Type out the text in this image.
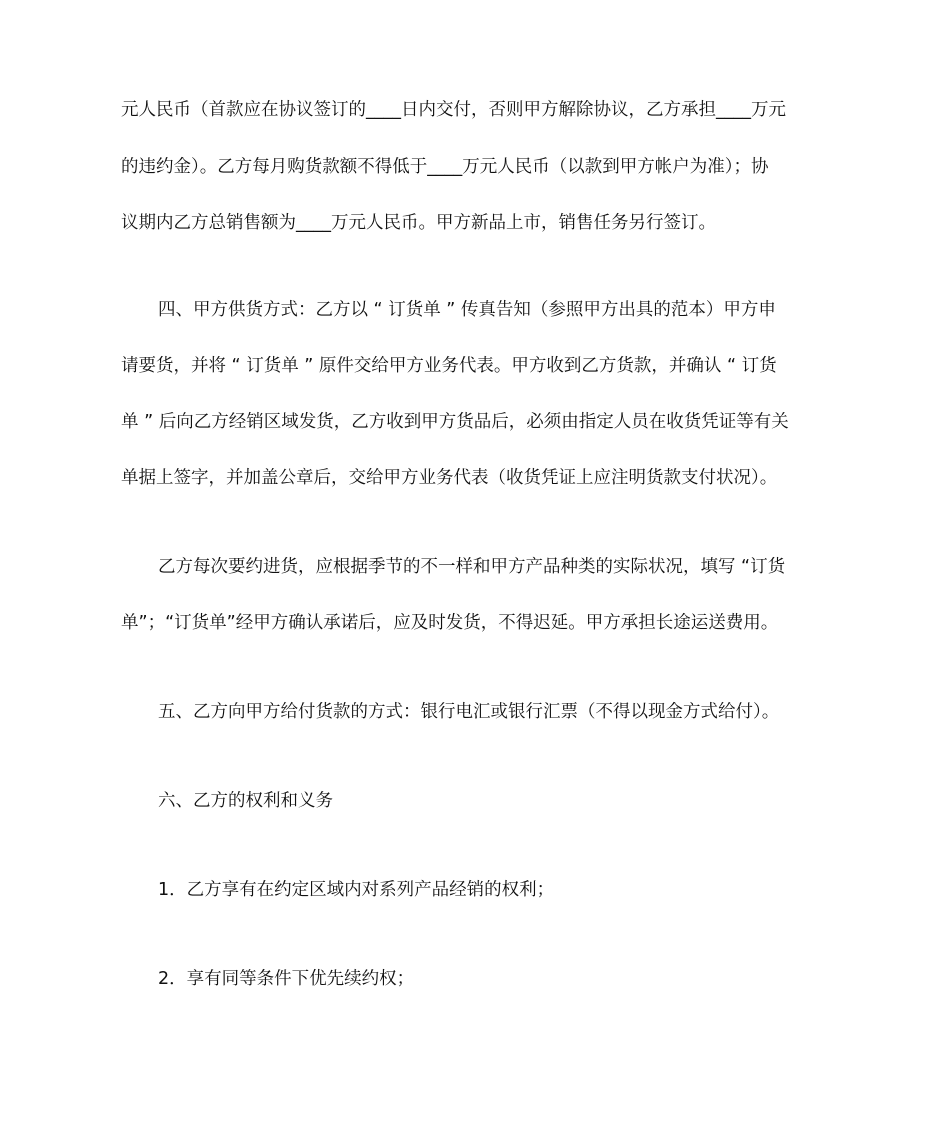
元人民币（首款应在协议签订的____日内交付，否则甲方解除协议，乙方承担____万元
的违约金）。乙方每月购货款额不得低于____万元人民币（以款到甲方帐户为准）；协
议期内乙方总销售额为____万元人民币。甲方新品上市，销售任务另行签订。
四、甲方供货方式：乙方以 “ 订货单 ” 传真告知（参照甲方出具的范本）甲方申
请要货，并将 “ 订货单 ” 原件交给甲方业务代表。甲方收到乙方货款，并确认 “ 订货
单 ” 后向乙方经销区域发货，乙方收到甲方货品后，必须由指定人员在收货凭证等有关
单据上签字，并加盖公章后，交给甲方业务代表（收货凭证上应注明货款支付状况）。
乙方每次要约进货，应根据季节的不一样和甲方产品种类的实际状况，填写 “订货
单”；“订货单”经甲方确认承诺后，应及时发货，不得迟延。甲方承担长途运送费用。
五、乙方向甲方给付货款的方式：银行电汇或银行汇票（不得以现金方式给付）。
六、乙方的权利和义务
1．乙方享有在约定区域内对系列产品经销的权利；
2．享有同等条件下优先续约权；
